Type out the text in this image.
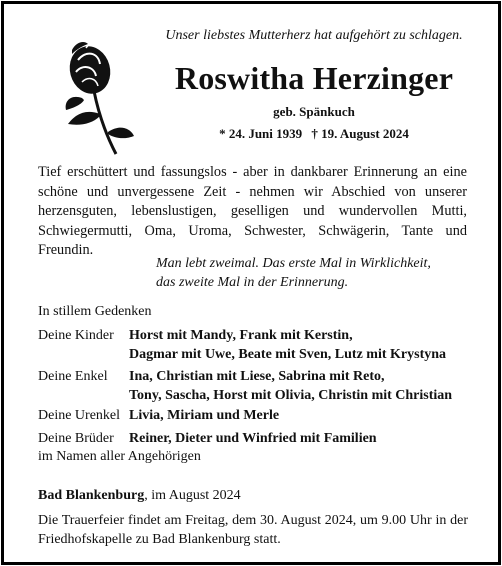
Unser liebstes Mutterherz hat aufgehört zu schlagen.
Roswitha Herzinger
geb. Spänkuch
* 24. Juni 1939 † 19. August 2024
Tief erschüttert und fassungslos - aber in dankbarer Erinnerung an eine schöne und unvergessene Zeit - nehmen wir Abschied von unserer herzensguten, lebenslustigen, geselligen und wundervollen Mutti, Schwiegermutti, Oma, Uroma, Schwester, Schwägerin, Tante und Freundin.
Man lebt zweimal. Das erste Mal in Wirklichkeit,
das zweite Mal in der Erinnerung.
In stillem Gedenken
Deine Kinder Horst mit Mandy, Frank mit Kerstin,
Dagmar mit Uwe, Beate mit Sven, Lutz mit Krystyna
Deine Enkel Ina, Christian mit Liese, Sabrina mit Reto,
Tony, Sascha, Horst mit Olivia, Christin mit Christian
Deine Urenkel Livia, Miriam und Merle
Deine Brüder Reiner, Dieter und Winfried mit Familien
im Namen aller Angehörigen
Bad Blankenburg, im August 2024
Die Trauerfeier findet am Freitag, dem 30. August 2024, um 9.00 Uhr in der Friedhofskapelle zu Bad Blankenburg statt.
